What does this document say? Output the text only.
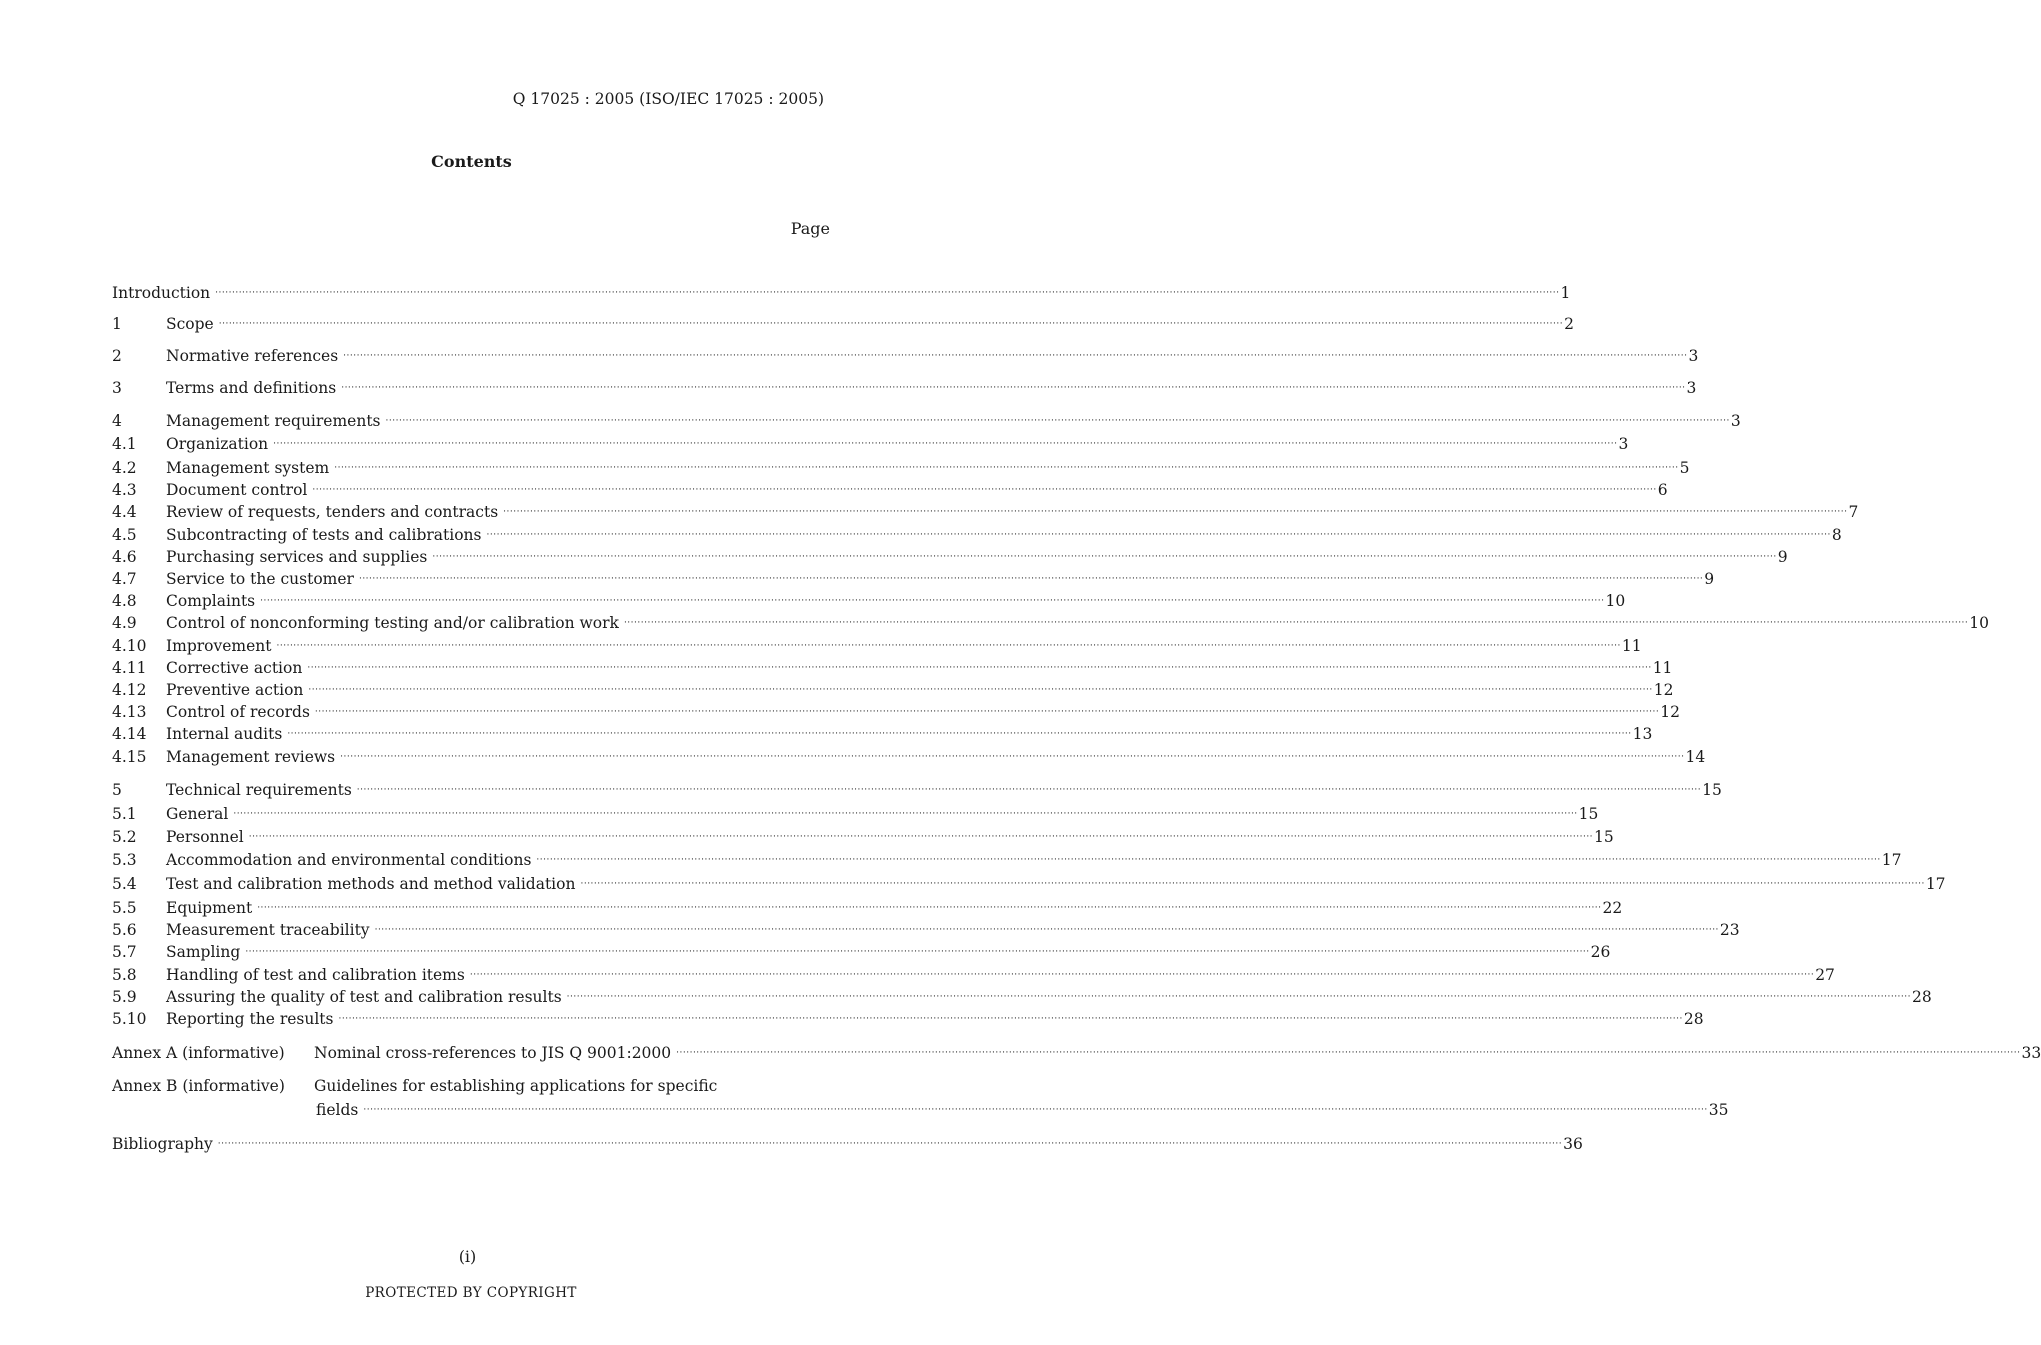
Q 17025 : 2005 (ISO/IEC 17025 : 2005)
Contents
Page
Introduction ················································································································································································································································································································································································································ 1
1	Scope ················································································································································································································································································································································································································ 2
2	Normative references ················································································································································································································································································································································································································ 3
3	Terms and definitions ················································································································································································································································································································································································································ 3
4	Management requirements ················································································································································································································································································································································································································ 3
4.1	Organization ················································································································································································································································································································································································································ 3
4.2	Management system ················································································································································································································································································································································································································ 5
4.3	Document control ················································································································································································································································································································································································································ 6
4.4	Review of requests, tenders and contracts ················································································································································································································································································································································································································ 7
4.5	Subcontracting of tests and calibrations ················································································································································································································································································································································································································ 8
4.6	Purchasing services and supplies ················································································································································································································································································································································································································ 9
4.7	Service to the customer ················································································································································································································································································································································································································ 9
4.8	Complaints ················································································································································································································································································································································································································ 10
4.9	Control of nonconforming testing and/or calibration work ················································································································································································································································································································································································································ 10
4.10	Improvement ················································································································································································································································································································································································································ 11
4.11	Corrective action ················································································································································································································································································································································································································ 11
4.12	Preventive action ················································································································································································································································································································································································································ 12
4.13	Control of records ················································································································································································································································································································································································································ 12
4.14	Internal audits ················································································································································································································································································································································································································ 13
4.15	Management reviews ················································································································································································································································································································································································································ 14
5	Technical requirements ················································································································································································································································································································································································································ 15
5.1	General ················································································································································································································································································································································································································ 15
5.2	Personnel ················································································································································································································································································································································································································ 15
5.3	Accommodation and environmental conditions ················································································································································································································································································································································································································ 17
5.4	Test and calibration methods and method validation ················································································································································································································································································································································································································ 17
5.5	Equipment ················································································································································································································································································································································································································ 22
5.6	Measurement traceability ················································································································································································································································································································································································································ 23
5.7	Sampling ················································································································································································································································································································································································································ 26
5.8	Handling of test and calibration items ················································································································································································································································································································································································································ 27
5.9	Assuring the quality of test and calibration results ················································································································································································································································································································································································································ 28
5.10	Reporting the results ················································································································································································································································································································································································································ 28
Annex A (informative)	Nominal cross-references to JIS Q 9001:2000 ················································································································································································································································································································································································································ 33
Annex B (informative)	Guidelines for establishing applications for specific
fields ················································································································································································································································································································································································································ 35
Bibliography ················································································································································································································································································································································································································ 36
(i)
PROTECTED BY COPYRIGHT
